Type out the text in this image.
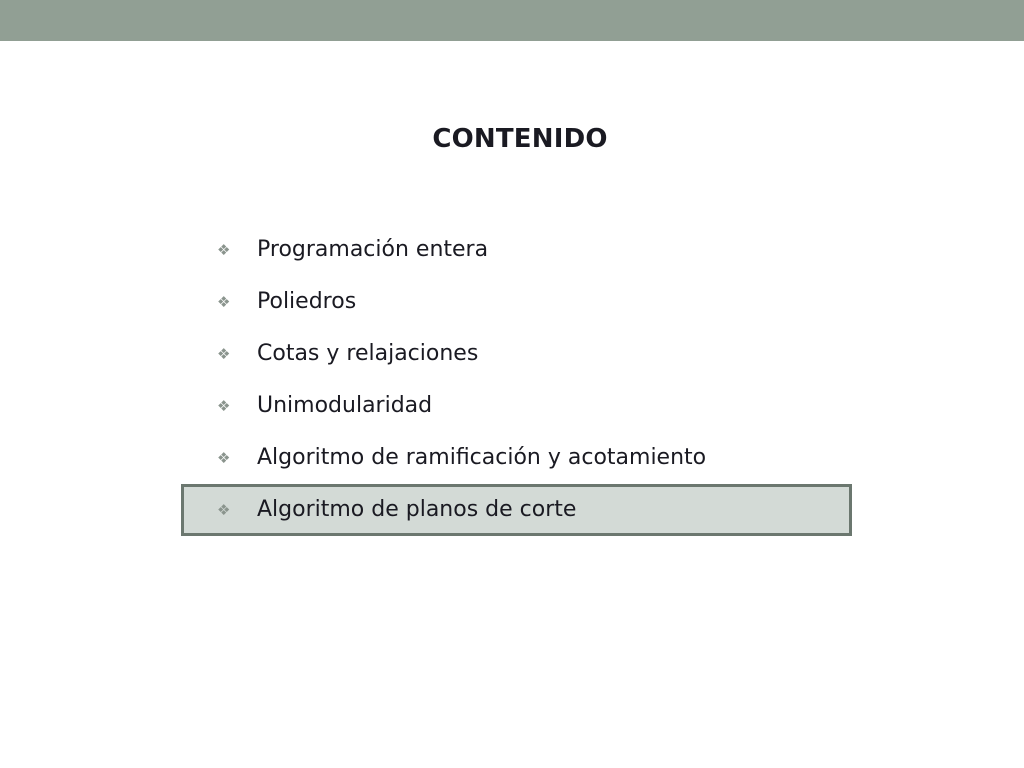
CONTENIDO
❖ Programación entera
❖ Poliedros
❖ Cotas y relajaciones
❖ Unimodularidad
❖ Algoritmo de ramificación y acotamiento
❖ Algoritmo de planos de corte
